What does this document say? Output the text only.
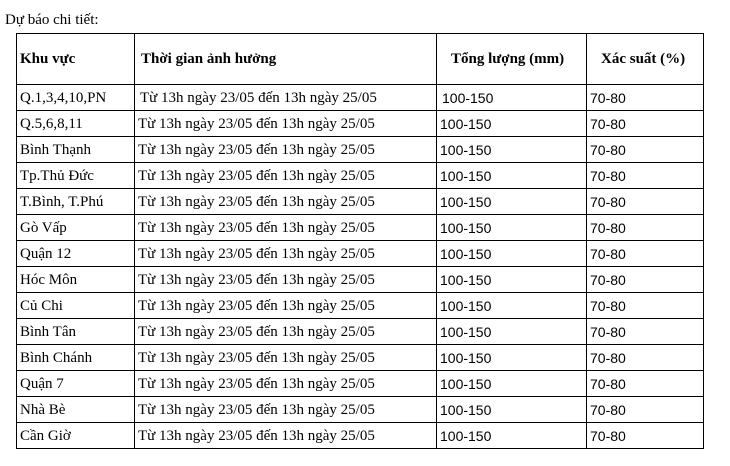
Dự báo chi tiết:
Khu vực	Thời gian ảnh hưởng	Tổng lượng (mm)	Xác suất (%)
Q.1,3,4,10,PN	Từ 13h ngày 23/05 đến 13h ngày 25/05	100-150	70-80
Q.5,6,8,11	Từ 13h ngày 23/05 đến 13h ngày 25/05	100-150	70-80
Bình Thạnh	Từ 13h ngày 23/05 đến 13h ngày 25/05	100-150	70-80
Tp.Thủ Đức	Từ 13h ngày 23/05 đến 13h ngày 25/05	100-150	70-80
T.Bình, T.Phú	Từ 13h ngày 23/05 đến 13h ngày 25/05	100-150	70-80
Gò Vấp	Từ 13h ngày 23/05 đến 13h ngày 25/05	100-150	70-80
Quận 12	Từ 13h ngày 23/05 đến 13h ngày 25/05	100-150	70-80
Hóc Môn	Từ 13h ngày 23/05 đến 13h ngày 25/05	100-150	70-80
Củ Chi	Từ 13h ngày 23/05 đến 13h ngày 25/05	100-150	70-80
Bình Tân	Từ 13h ngày 23/05 đến 13h ngày 25/05	100-150	70-80
Bình Chánh	Từ 13h ngày 23/05 đến 13h ngày 25/05	100-150	70-80
Quận 7	Từ 13h ngày 23/05 đến 13h ngày 25/05	100-150	70-80
Nhà Bè	Từ 13h ngày 23/05 đến 13h ngày 25/05	100-150	70-80
Cần Giờ	Từ 13h ngày 23/05 đến 13h ngày 25/05	100-150	70-80
